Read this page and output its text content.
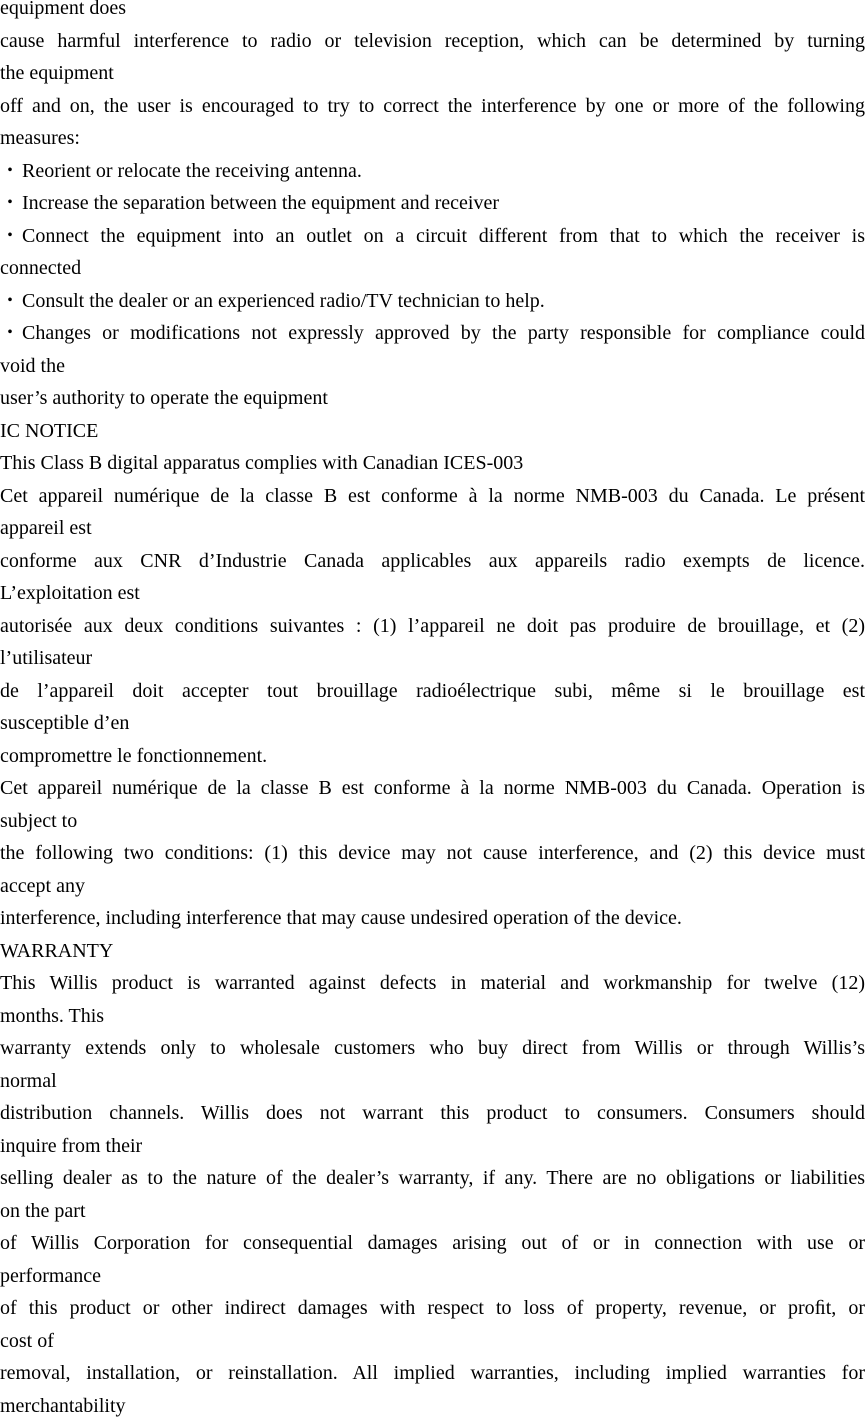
equipment does
cause harmful interference to radio or television reception, which can be determined by turning
the equipment
off and on, the user is encouraged to try to correct the interference by one or more of the following
measures:
・ Reorient or relocate the receiving antenna.
・ Increase the separation between the equipment and receiver
・ Connect the equipment into an outlet on a circuit different from that to which the receiver is
connected
・ Consult the dealer or an experienced radio/TV technician to help.
・ Changes or modifications not expressly approved by the party responsible for compliance could
void the
user’s authority to operate the equipment
IC NOTICE
This Class B digital apparatus complies with Canadian ICES-003
Cet appareil numérique de la classe B est conforme à la norme NMB-003 du Canada. Le présent
appareil est
conforme aux CNR d’Industrie Canada applicables aux appareils radio exempts de licence.
L’exploitation est
autorisée aux deux conditions suivantes : (1) l’appareil ne doit pas produire de brouillage, et (2)
l’utilisateur
de l’appareil doit accepter tout brouillage radioélectrique subi, même si le brouillage est
susceptible d’en
compromettre le fonctionnement.
Cet appareil numérique de la classe B est conforme à la norme NMB-003 du Canada. Operation is
subject to
the following two conditions: (1) this device may not cause interference, and (2) this device must
accept any
interference, including interference that may cause undesired operation of the device.
WARRANTY
This Willis product is warranted against defects in material and workmanship for twelve (12)
months. This
warranty extends only to wholesale customers who buy direct from Willis or through Willis’s
normal
distribution channels. Willis does not warrant this product to consumers. Consumers should
inquire from their
selling dealer as to the nature of the dealer’s warranty, if any. There are no obligations or liabilities
on the part
of Willis Corporation for consequential damages arising out of or in connection with use or
performance
of this product or other indirect damages with respect to loss of property, revenue, or proﬁt, or
cost of
removal, installation, or reinstallation. All implied warranties, including implied warranties for
merchantability
